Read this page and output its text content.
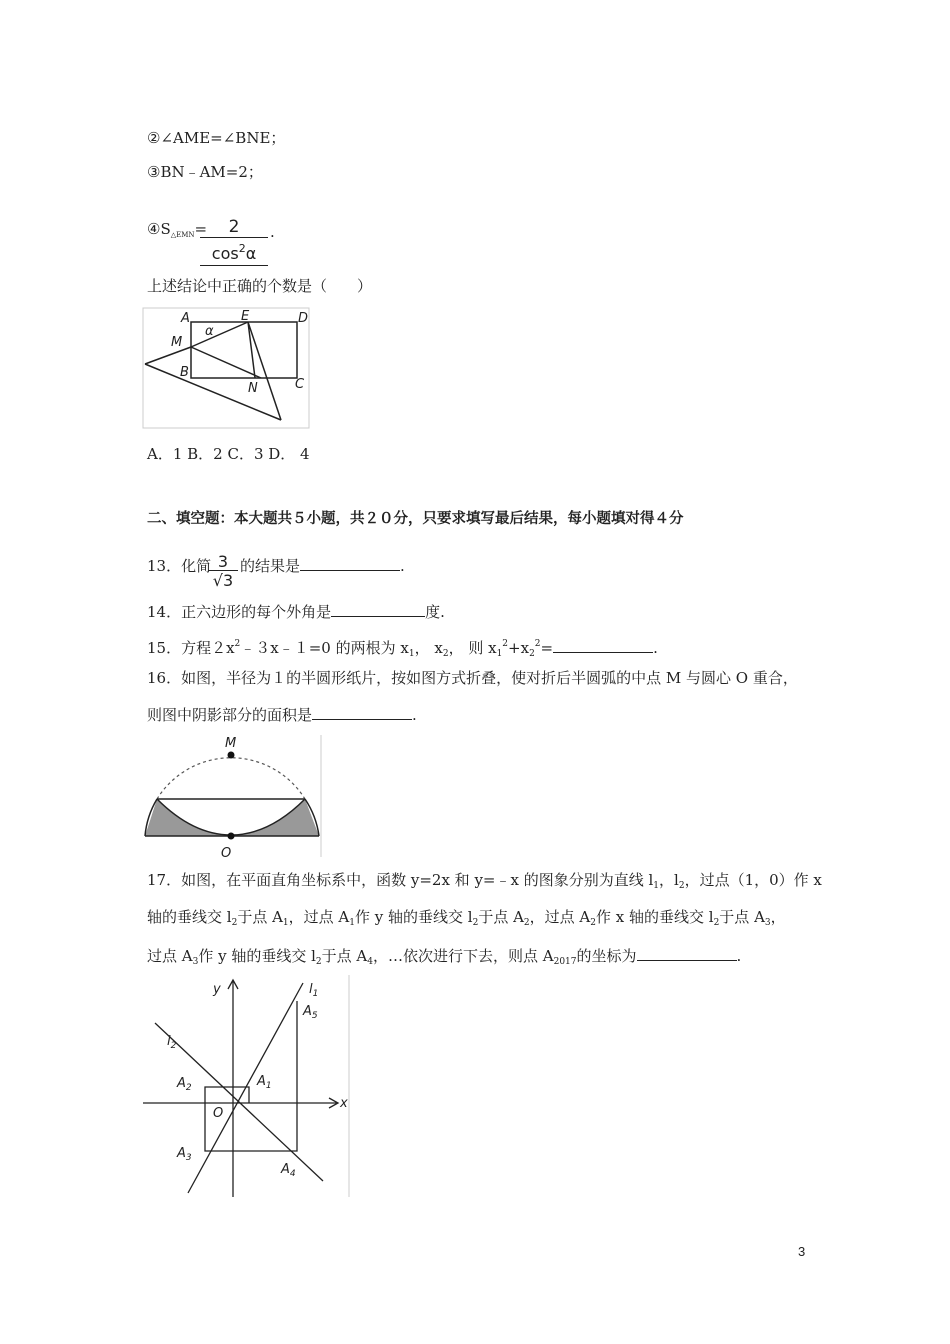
②∠AME=∠BNE；
③BN﹣AM=2；
$④S_{\triangle EMN}=$
$\frac{2}{\cos^2\alpha}$ .
上述结论中正确的个数是（　　）
A	E	D
M
α
B
N	C
A．1 B．2 C．3 D． 4
二、填空题：本大题共５小题，共２０分，只要求填写最后结果，每小题填对得４分
13．化简
$\frac{3}{√3}$ 的结果是	.
14．正六边形的每个外角是	度.
15．方程$2x^2﹣3x﹣1=0$ 的两根为 $x_1$， $x_2$， 则 $x_1^2+x_2^2=$	.
16．如图，半径为１的半圆形纸片，按如图方式折叠，使对折后半圆弧的中点 M 与圆心 O 重合，
则图中阴影部分的面积是	.
M
O
17．如图，在平面直角坐标系中，函数 y=2x 和 y=﹣x 的图象分别为直线 $l_1$，$l_2$，过点（1，0）作 x
轴的垂线交 $l_2$于点 $A_1$，过点 $A_1$作 y 轴的垂线交 $l_2$于点 $A_2$，过点 $A_2$作 x 轴的垂线交 $l_2$于点 $A_3$，
过点 $A_3$作 y 轴的垂线交 $l_2$于点 $A_4$，…依次进行下去，则点 $A_{2017}$的坐标为	.
y
x
O
$l_1$
$l_2$
$A_1$
$A_2$
$A_3$
$A_4$
$A_5$
3
